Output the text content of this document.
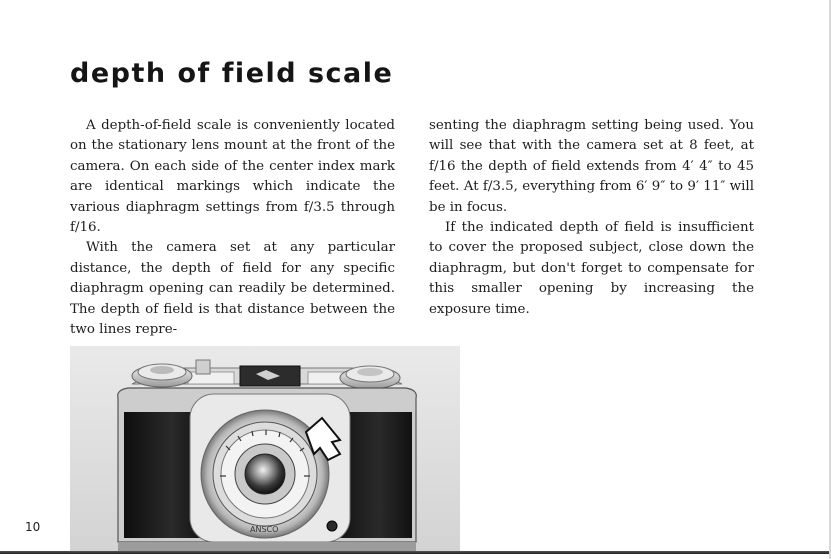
depth of field scale

A depth-of-field scale is conveniently located on the stationary lens mount at the front of the camera. On each side of the center index mark are identical markings which indicate the various diaphragm settings from f/3.5 through f/16.

With the camera set at any particular distance, the depth of field for any specific diaphragm opening can readily be determined. The depth of field is that distance between the two lines repre-

senting the diaphragm setting being used. You will see that with the camera set at 8 feet, at f/16 the depth of field extends from 4′ 4″ to 45 feet. At f/3.5, everything from 6′ 9″ to 9′ 11″ will be in focus.

If the indicated depth of field is insufficient to cover the proposed subject, close down the diaphragm, but don't forget to compensate for this smaller opening by increasing the exposure time.

ANSCO
10
